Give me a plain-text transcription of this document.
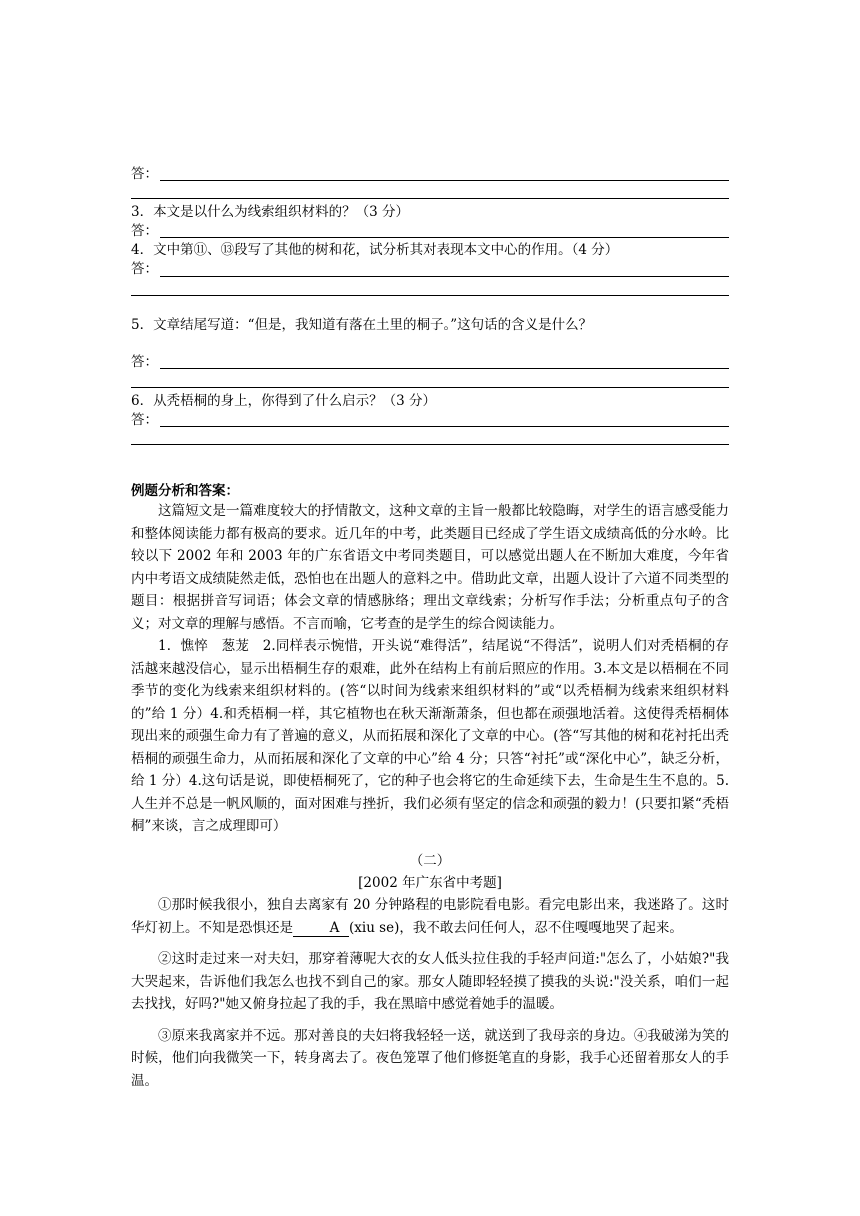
答：
3．本文是以什么为线索组织材料的？（3 分）
答：
4．文中第⑪、⑬段写了其他的树和花，试分析其对表现本文中心的作用。（4 分）
答：
5．文章结尾写道：“但是，我知道有落在土里的桐子。”这句话的含义是什么？
答：
6．从秃梧桐的身上，你得到了什么启示？（3 分）
答：
例题分析和答案：

这篇短文是一篇难度较大的抒情散文，这种文章的主旨一般都比较隐晦，对学生的语言感受能力和整体阅读能力都有极高的要求。近几年的中考，此类题目已经成了学生语文成绩高低的分水岭。比较以下 2002 年和 2003 年的广东省语文中考同类题目，可以感觉出题人在不断加大难度，今年省内中考语文成绩陡然走低，恐怕也在出题人的意料之中。借助此文章，出题人设计了六道不同类型的题目：根据拼音写词语；体会文章的情感脉络；理出文章线索；分析写作手法；分析重点句子的含义；对文章的理解与感悟。不言而喻，它考查的是学生的综合阅读能力。

1．憔悴　葱茏　2.同样表示惋惜，开头说“难得活”，结尾说“不得活”，说明人们对秃梧桐的存活越来越没信心，显示出梧桐生存的艰难，此外在结构上有前后照应的作用。3.本文是以梧桐在不同季节的变化为线索来组织材料的。(答“以时间为线索来组织材料的”或“以秃梧桐为线索来组织材料的”给 1 分）4.和秃梧桐一样，其它植物也在秋天渐渐萧条，但也都在顽强地活着。这使得秃梧桐体现出来的顽强生命力有了普遍的意义，从而拓展和深化了文章的中心。(答“写其他的树和花衬托出秃梧桐的顽强生命力，从而拓展和深化了文章的中心”给 4 分；只答“衬托”或“深化中心”，缺乏分析，给 1 分）4.这句话是说，即使梧桐死了，它的种子也会将它的生命延续下去，生命是生生不息的。5.人生并不总是一帆风顺的，面对困难与挫折，我们必须有坚定的信念和顽强的毅力！(只要扣紧“秃梧桐”来谈，言之成理即可）

（二）
[2002 年广东省中考题]

①那时候我很小，独自去离家有 20 分钟路程的电影院看电影。看完电影出来，我迷路了。这时华灯初上。不知是恐惧还是	A (xiu se)，我不敢去问任何人，忍不住嘎嘎地哭了起来。

②这时走过来一对夫妇，那穿着薄呢大衣的女人低头拉住我的手轻声问道:"怎么了，小姑娘?"我大哭起来，告诉他们我怎么也找不到自己的家。那女人随即轻轻摸了摸我的头说:"没关系，咱们一起去找找，好吗?"她又俯身拉起了我的手，我在黑暗中感觉着她手的温暖。

③原来我离家并不远。那对善良的夫妇将我轻轻一送，就送到了我母亲的身边。④我破涕为笑的时候，他们向我微笑一下，转身离去了。夜色笼罩了他们修挺笔直的身影，我手心还留着那女人的手温。
